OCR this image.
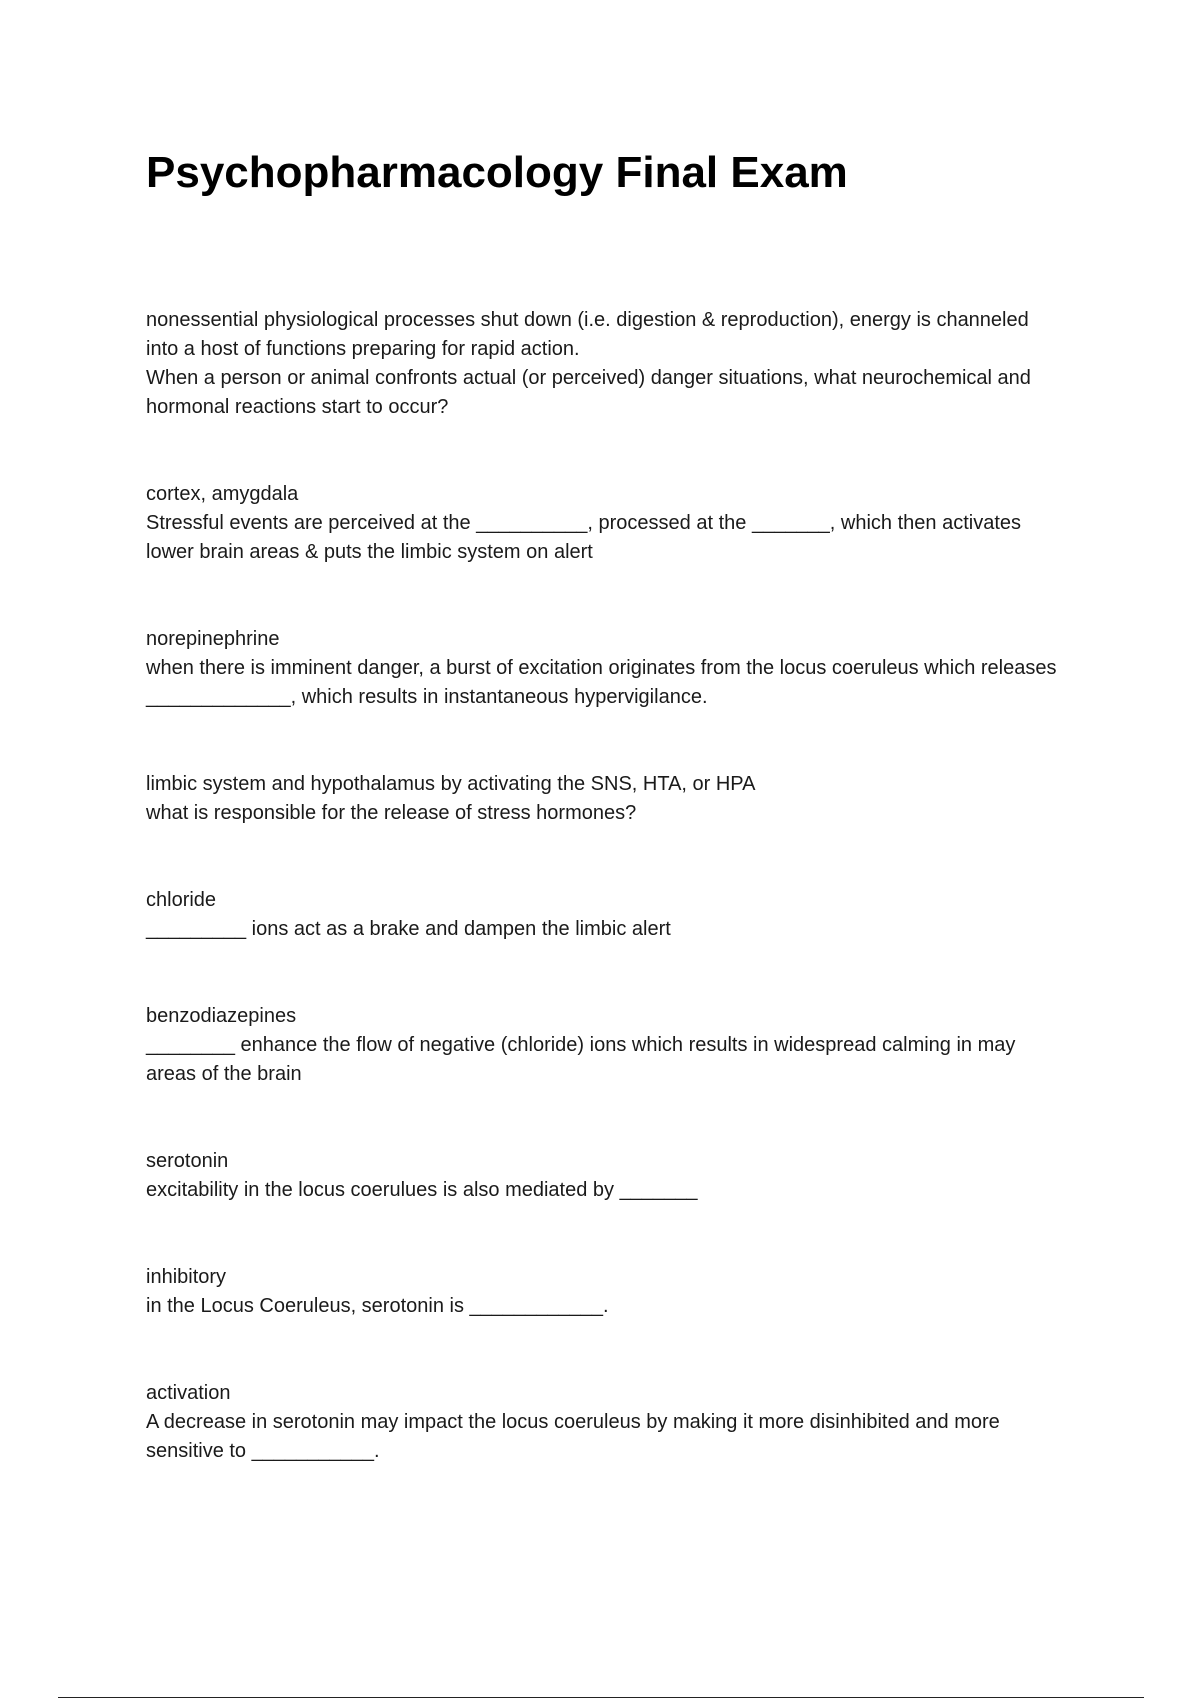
Psychopharmacology Final Exam

nonessential physiological processes shut down (i.e. digestion & reproduction), energy is channeled into a host of functions preparing for rapid action.

When a person or animal confronts actual (or perceived) danger situations, what neurochemical and hormonal reactions start to occur?

cortex, amygdala

Stressful events are perceived at the __________, processed at the _______, which then activates lower brain areas & puts the limbic system on alert

norepinephrine

when there is imminent danger, a burst of excitation originates from the locus coeruleus which releases _____________, which results in instantaneous hypervigilance.

limbic system and hypothalamus by activating the SNS, HTA, or HPA

what is responsible for the release of stress hormones?

chloride

_________ ions act as a brake and dampen the limbic alert

benzodiazepines

________ enhance the flow of negative (chloride) ions which results in widespread calming in may areas of the brain

serotonin

excitability in the locus coerulues is also mediated by _______

inhibitory

in the Locus Coeruleus, serotonin is ____________.

activation

A decrease in serotonin may impact the locus coeruleus by making it more disinhibited and more sensitive to ___________.
